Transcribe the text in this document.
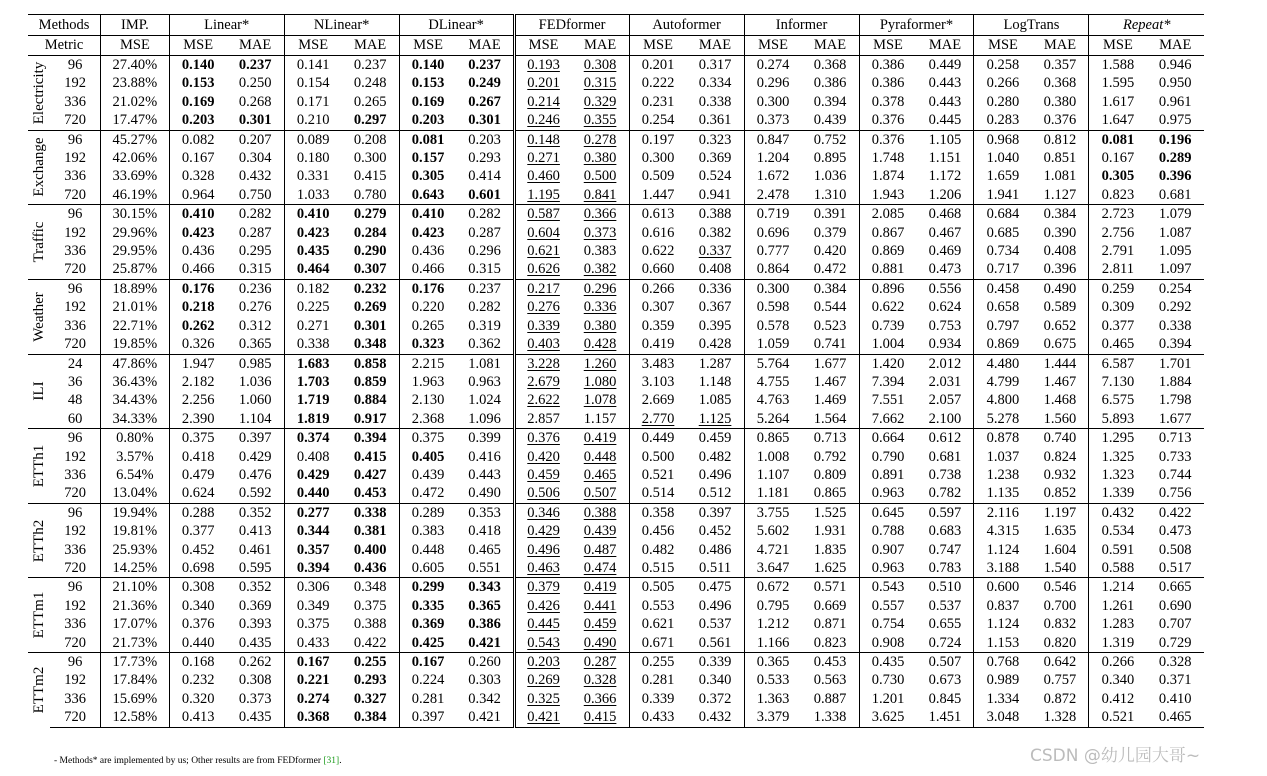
Methods		IMP.	Linear*		NLinear*		DLinear*		FEDformer		Autoformer		Informer		Pyraformer*		LogTrans		Repeat*	
Metric		MSE	MSE	MAE	MSE	MAE	MSE	MAE	MSE	MAE	MSE	MAE	MSE	MAE	MSE	MAE	MSE	MAE	MSE	MAE

Electricity	96	27.40%	0.140	0.237	0.141	0.237	0.140	0.237	0.193	0.308	0.201	0.317	0.274	0.368	0.386	0.449	0.258	0.357	1.588	0.946
	192	23.88%	0.153	0.250	0.154	0.248	0.153	0.249	0.201	0.315	0.222	0.334	0.296	0.386	0.386	0.443	0.266	0.368	1.595	0.950
	336	21.02%	0.169	0.268	0.171	0.265	0.169	0.267	0.214	0.329	0.231	0.338	0.300	0.394	0.378	0.443	0.280	0.380	1.617	0.961
	720	17.47%	0.203	0.301	0.210	0.297	0.203	0.301	0.246	0.355	0.254	0.361	0.373	0.439	0.376	0.445	0.283	0.376	1.647	0.975

Exchange	96	45.27%	0.082	0.207	0.089	0.208	0.081	0.203	0.148	0.278	0.197	0.323	0.847	0.752	0.376	1.105	0.968	0.812	0.081	0.196
	192	42.06%	0.167	0.304	0.180	0.300	0.157	0.293	0.271	0.380	0.300	0.369	1.204	0.895	1.748	1.151	1.040	0.851	0.167	0.289
	336	33.69%	0.328	0.432	0.331	0.415	0.305	0.414	0.460	0.500	0.509	0.524	1.672	1.036	1.874	1.172	1.659	1.081	0.305	0.396
	720	46.19%	0.964	0.750	1.033	0.780	0.643	0.601	1.195	0.841	1.447	0.941	2.478	1.310	1.943	1.206	1.941	1.127	0.823	0.681

Traffic	96	30.15%	0.410	0.282	0.410	0.279	0.410	0.282	0.587	0.366	0.613	0.388	0.719	0.391	2.085	0.468	0.684	0.384	2.723	1.079
	192	29.96%	0.423	0.287	0.423	0.284	0.423	0.287	0.604	0.373	0.616	0.382	0.696	0.379	0.867	0.467	0.685	0.390	2.756	1.087
	336	29.95%	0.436	0.295	0.435	0.290	0.436	0.296	0.621	0.383	0.622	0.337	0.777	0.420	0.869	0.469	0.734	0.408	2.791	1.095
	720	25.87%	0.466	0.315	0.464	0.307	0.466	0.315	0.626	0.382	0.660	0.408	0.864	0.472	0.881	0.473	0.717	0.396	2.811	1.097

Weather	96	18.89%	0.176	0.236	0.182	0.232	0.176	0.237	0.217	0.296	0.266	0.336	0.300	0.384	0.896	0.556	0.458	0.490	0.259	0.254
	192	21.01%	0.218	0.276	0.225	0.269	0.220	0.282	0.276	0.336	0.307	0.367	0.598	0.544	0.622	0.624	0.658	0.589	0.309	0.292
	336	22.71%	0.262	0.312	0.271	0.301	0.265	0.319	0.339	0.380	0.359	0.395	0.578	0.523	0.739	0.753	0.797	0.652	0.377	0.338
	720	19.85%	0.326	0.365	0.338	0.348	0.323	0.362	0.403	0.428	0.419	0.428	1.059	0.741	1.004	0.934	0.869	0.675	0.465	0.394

ILI	24	47.86%	1.947	0.985	1.683	0.858	2.215	1.081	3.228	1.260	3.483	1.287	5.764	1.677	1.420	2.012	4.480	1.444	6.587	1.701
	36	36.43%	2.182	1.036	1.703	0.859	1.963	0.963	2.679	1.080	3.103	1.148	4.755	1.467	7.394	2.031	4.799	1.467	7.130	1.884
	48	34.43%	2.256	1.060	1.719	0.884	2.130	1.024	2.622	1.078	2.669	1.085	4.763	1.469	7.551	2.057	4.800	1.468	6.575	1.798
	60	34.33%	2.390	1.104	1.819	0.917	2.368	1.096	2.857	1.157	2.770	1.125	5.264	1.564	7.662	2.100	5.278	1.560	5.893	1.677

ETTh1	96	0.80%	0.375	0.397	0.374	0.394	0.375	0.399	0.376	0.419	0.449	0.459	0.865	0.713	0.664	0.612	0.878	0.740	1.295	0.713
	192	3.57%	0.418	0.429	0.408	0.415	0.405	0.416	0.420	0.448	0.500	0.482	1.008	0.792	0.790	0.681	1.037	0.824	1.325	0.733
	336	6.54%	0.479	0.476	0.429	0.427	0.439	0.443	0.459	0.465	0.521	0.496	1.107	0.809	0.891	0.738	1.238	0.932	1.323	0.744
	720	13.04%	0.624	0.592	0.440	0.453	0.472	0.490	0.506	0.507	0.514	0.512	1.181	0.865	0.963	0.782	1.135	0.852	1.339	0.756

ETTh2	96	19.94%	0.288	0.352	0.277	0.338	0.289	0.353	0.346	0.388	0.358	0.397	3.755	1.525	0.645	0.597	2.116	1.197	0.432	0.422
	192	19.81%	0.377	0.413	0.344	0.381	0.383	0.418	0.429	0.439	0.456	0.452	5.602	1.931	0.788	0.683	4.315	1.635	0.534	0.473
	336	25.93%	0.452	0.461	0.357	0.400	0.448	0.465	0.496	0.487	0.482	0.486	4.721	1.835	0.907	0.747	1.124	1.604	0.591	0.508
	720	14.25%	0.698	0.595	0.394	0.436	0.605	0.551	0.463	0.474	0.515	0.511	3.647	1.625	0.963	0.783	3.188	1.540	0.588	0.517

ETTm1	96	21.10%	0.308	0.352	0.306	0.348	0.299	0.343	0.379	0.419	0.505	0.475	0.672	0.571	0.543	0.510	0.600	0.546	1.214	0.665
	192	21.36%	0.340	0.369	0.349	0.375	0.335	0.365	0.426	0.441	0.553	0.496	0.795	0.669	0.557	0.537	0.837	0.700	1.261	0.690
	336	17.07%	0.376	0.393	0.375	0.388	0.369	0.386	0.445	0.459	0.621	0.537	1.212	0.871	0.754	0.655	1.124	0.832	1.283	0.707
	720	21.73%	0.440	0.435	0.433	0.422	0.425	0.421	0.543	0.490	0.671	0.561	1.166	0.823	0.908	0.724	1.153	0.820	1.319	0.729

ETTm2	96	17.73%	0.168	0.262	0.167	0.255	0.167	0.260	0.203	0.287	0.255	0.339	0.365	0.453	0.435	0.507	0.768	0.642	0.266	0.328
	192	17.84%	0.232	0.308	0.221	0.293	0.224	0.303	0.269	0.328	0.281	0.340	0.533	0.563	0.730	0.673	0.989	0.757	0.340	0.371
	336	15.69%	0.320	0.373	0.274	0.327	0.281	0.342	0.325	0.366	0.339	0.372	1.363	0.887	1.201	0.845	1.334	0.872	0.412	0.410
	720	12.58%	0.413	0.435	0.368	0.384	0.397	0.421	0.421	0.415	0.433	0.432	3.379	1.338	3.625	1.451	3.048	1.328	0.521	0.465
- Methods* are implemented by us; Other results are from FEDformer [31].	CSDN @幼儿园大哥~
